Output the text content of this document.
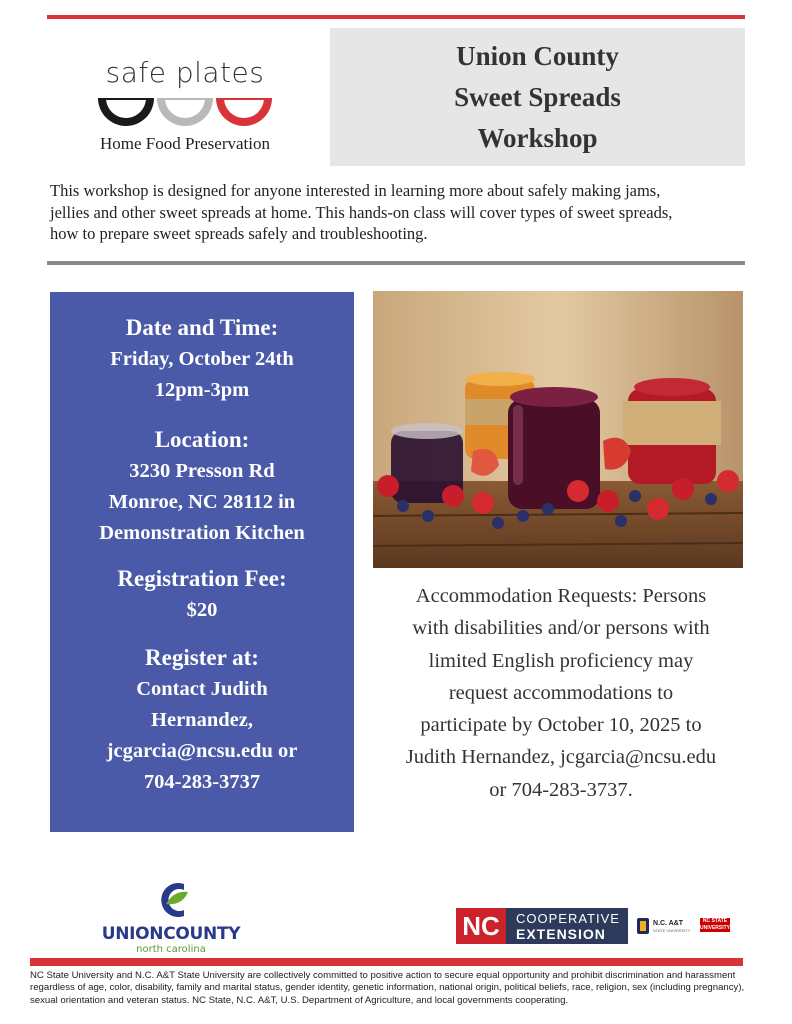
safe plates
Home Food Preservation
Union County
Sweet Spreads
Workshop
This workshop is designed for anyone interested in learning more about safely making jams,
jellies and other sweet spreads at home. This hands-on class will cover types of sweet spreads,
how to prepare sweet spreads safely and troubleshooting.
Date and Time:
Friday, October 24th
12pm-3pm
Location:
3230 Presson Rd
Monroe, NC 28112 in
Demonstration Kitchen
Registration Fee:
$20
Register at:
Contact Judith
Hernandez,
jcgarcia@ncsu.edu or
704-283-3737
Accommodation Requests: Persons
with disabilities and/or persons with
limited English proficiency may
request accommodations to
participate by October 10, 2025 to
Judith Hernandez, jcgarcia@ncsu.edu
or 704-283-3737.
UNIONCOUNTY
north carolina
NC	COOPERATIVE
EXTENSION
N.C. A&T
STATE UNIVERSITY
NC STATE
UNIVERSITY
NC State University and N.C. A&T State University are collectively committed to positive action to secure equal opportunity and prohibit discrimination and harassment regardless of age, color, disability, family and marital status, gender identity, genetic information, national origin, political beliefs, race, religion, sex (including pregnancy), sexual orientation and veteran status. NC State, N.C. A&T, U.S. Department of Agriculture, and local governments cooperating.
